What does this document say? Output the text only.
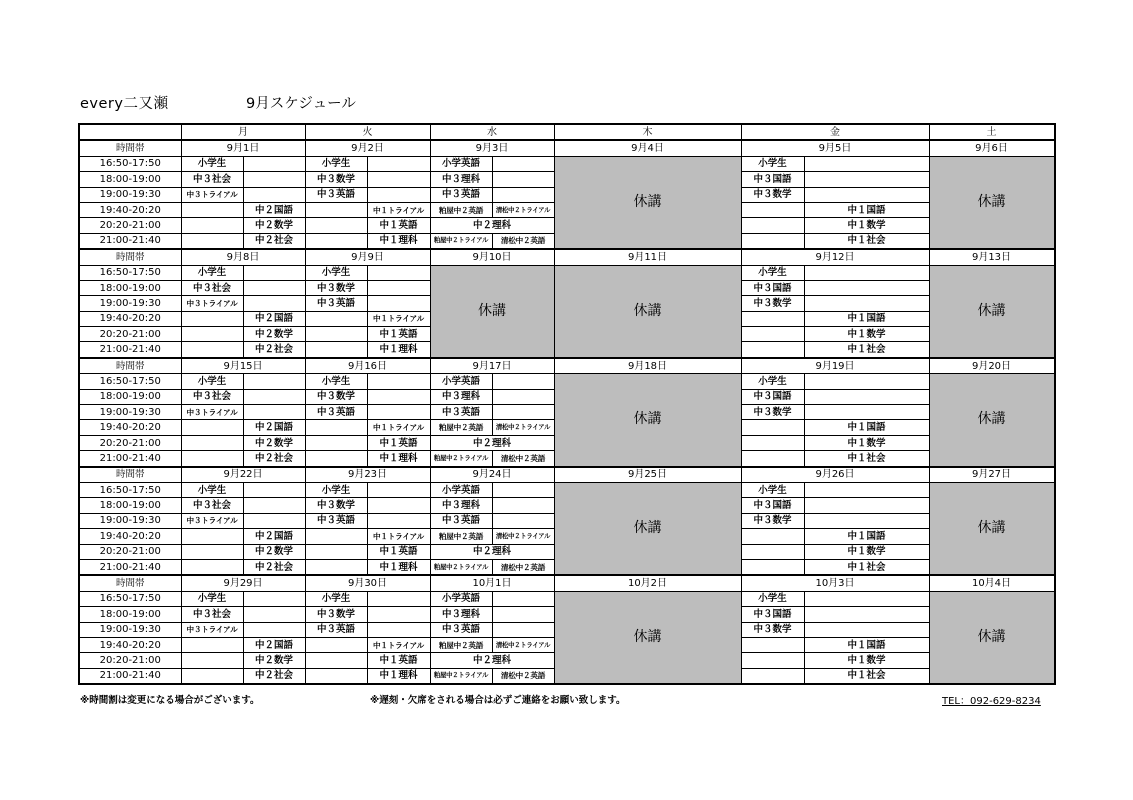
every二又瀬	9月スケジュール
	月		火		水		木	金		土	
時間帯	9月1日		9月2日		9月3日		9月4日	9月5日		9月6日	
16:50-17:50	小学生		小学生		小学英語		休講	小学生		休講	
18:00-19:00	中３社会		中３数学		中３理科			中３国語			
19:00-19:30	中３トライアル		中３英語		中３英語			中３数学			
19:40-20:20		中２国語		中１トライアル	粕屋中２英語	清松中２トライアル			中１国語		
20:20-21:00		中２数学		中１英語	中２理科				中１数学		
21:00-21:40		中２社会		中１理科	粕屋中２トライアル	清松中２英語			中１社会		
時間帯	9月8日		9月9日		9月10日		9月11日	9月12日		9月13日	
16:50-17:50	小学生		小学生		休講		休講	小学生		休講		
18:00-19:00	中３社会		中３数学					中３国語			
19:00-19:30	中３トライアル		中３英語					中３数学		
19:40-20:20		中２国語		中１トライアル					中１国語		
20:20-21:00		中２数学		中１英語					中１数学		
21:00-21:40		中２社会		中１理科					中１社会		
時間帯	9月15日		9月16日		9月17日		9月18日	9月19日		9月20日	
16:50-17:50	小学生		小学生		小学英語		休講	小学生		休講	
18:00-19:00	中３社会		中３数学		中３理科			中３国語			
19:00-19:30	中３トライアル		中３英語		中３英語			中３数学			
19:40-20:20		中２国語		中１トライアル	粕屋中２英語	清松中２トライアル			中１国語		
20:20-21:00		中２数学		中１英語	中２理科				中１数学		
21:00-21:40		中２社会		中１理科	粕屋中２トライアル	清松中２英語			中１社会		
時間帯	9月22日		9月23日		9月24日		9月25日	9月26日		9月27日	
16:50-17:50	小学生		小学生		小学英語		休講	小学生		休講	
18:00-19:00	中３社会		中３数学		中３理科			中３国語			
19:00-19:30	中３トライアル		中３英語		中３英語			中３数学			
19:40-20:20		中２国語		中１トライアル	粕屋中２英語	清松中２トライアル			中１国語		
20:20-21:00		中２数学		中１英語	中２理科				中１数学		
21:00-21:40		中２社会		中１理科	粕屋中２トライアル	清松中２英語			中１社会		
時間帯	9月29日		9月30日		10月1日		10月2日	10月3日		10月4日	
16:50-17:50	小学生		小学生		小学英語		休講	小学生		休講	
18:00-19:00	中３社会		中３数学		中３理科			中３国語			
19:00-19:30	中３トライアル		中３英語		中３英語			中３数学			
19:40-20:20		中２国語		中１トライアル	粕屋中２英語	清松中２トライアル			中１国語		
20:20-21:00		中２数学		中１英語	中２理科				中１数学		
21:00-21:40		中２社会		中１理科	粕屋中２トライアル	清松中２英語			中１社会		
※時間割は変更になる場合がございます。	※遅刻・欠席をされる場合は必ずご連絡をお願い致します。	TEL：092-629-8234
